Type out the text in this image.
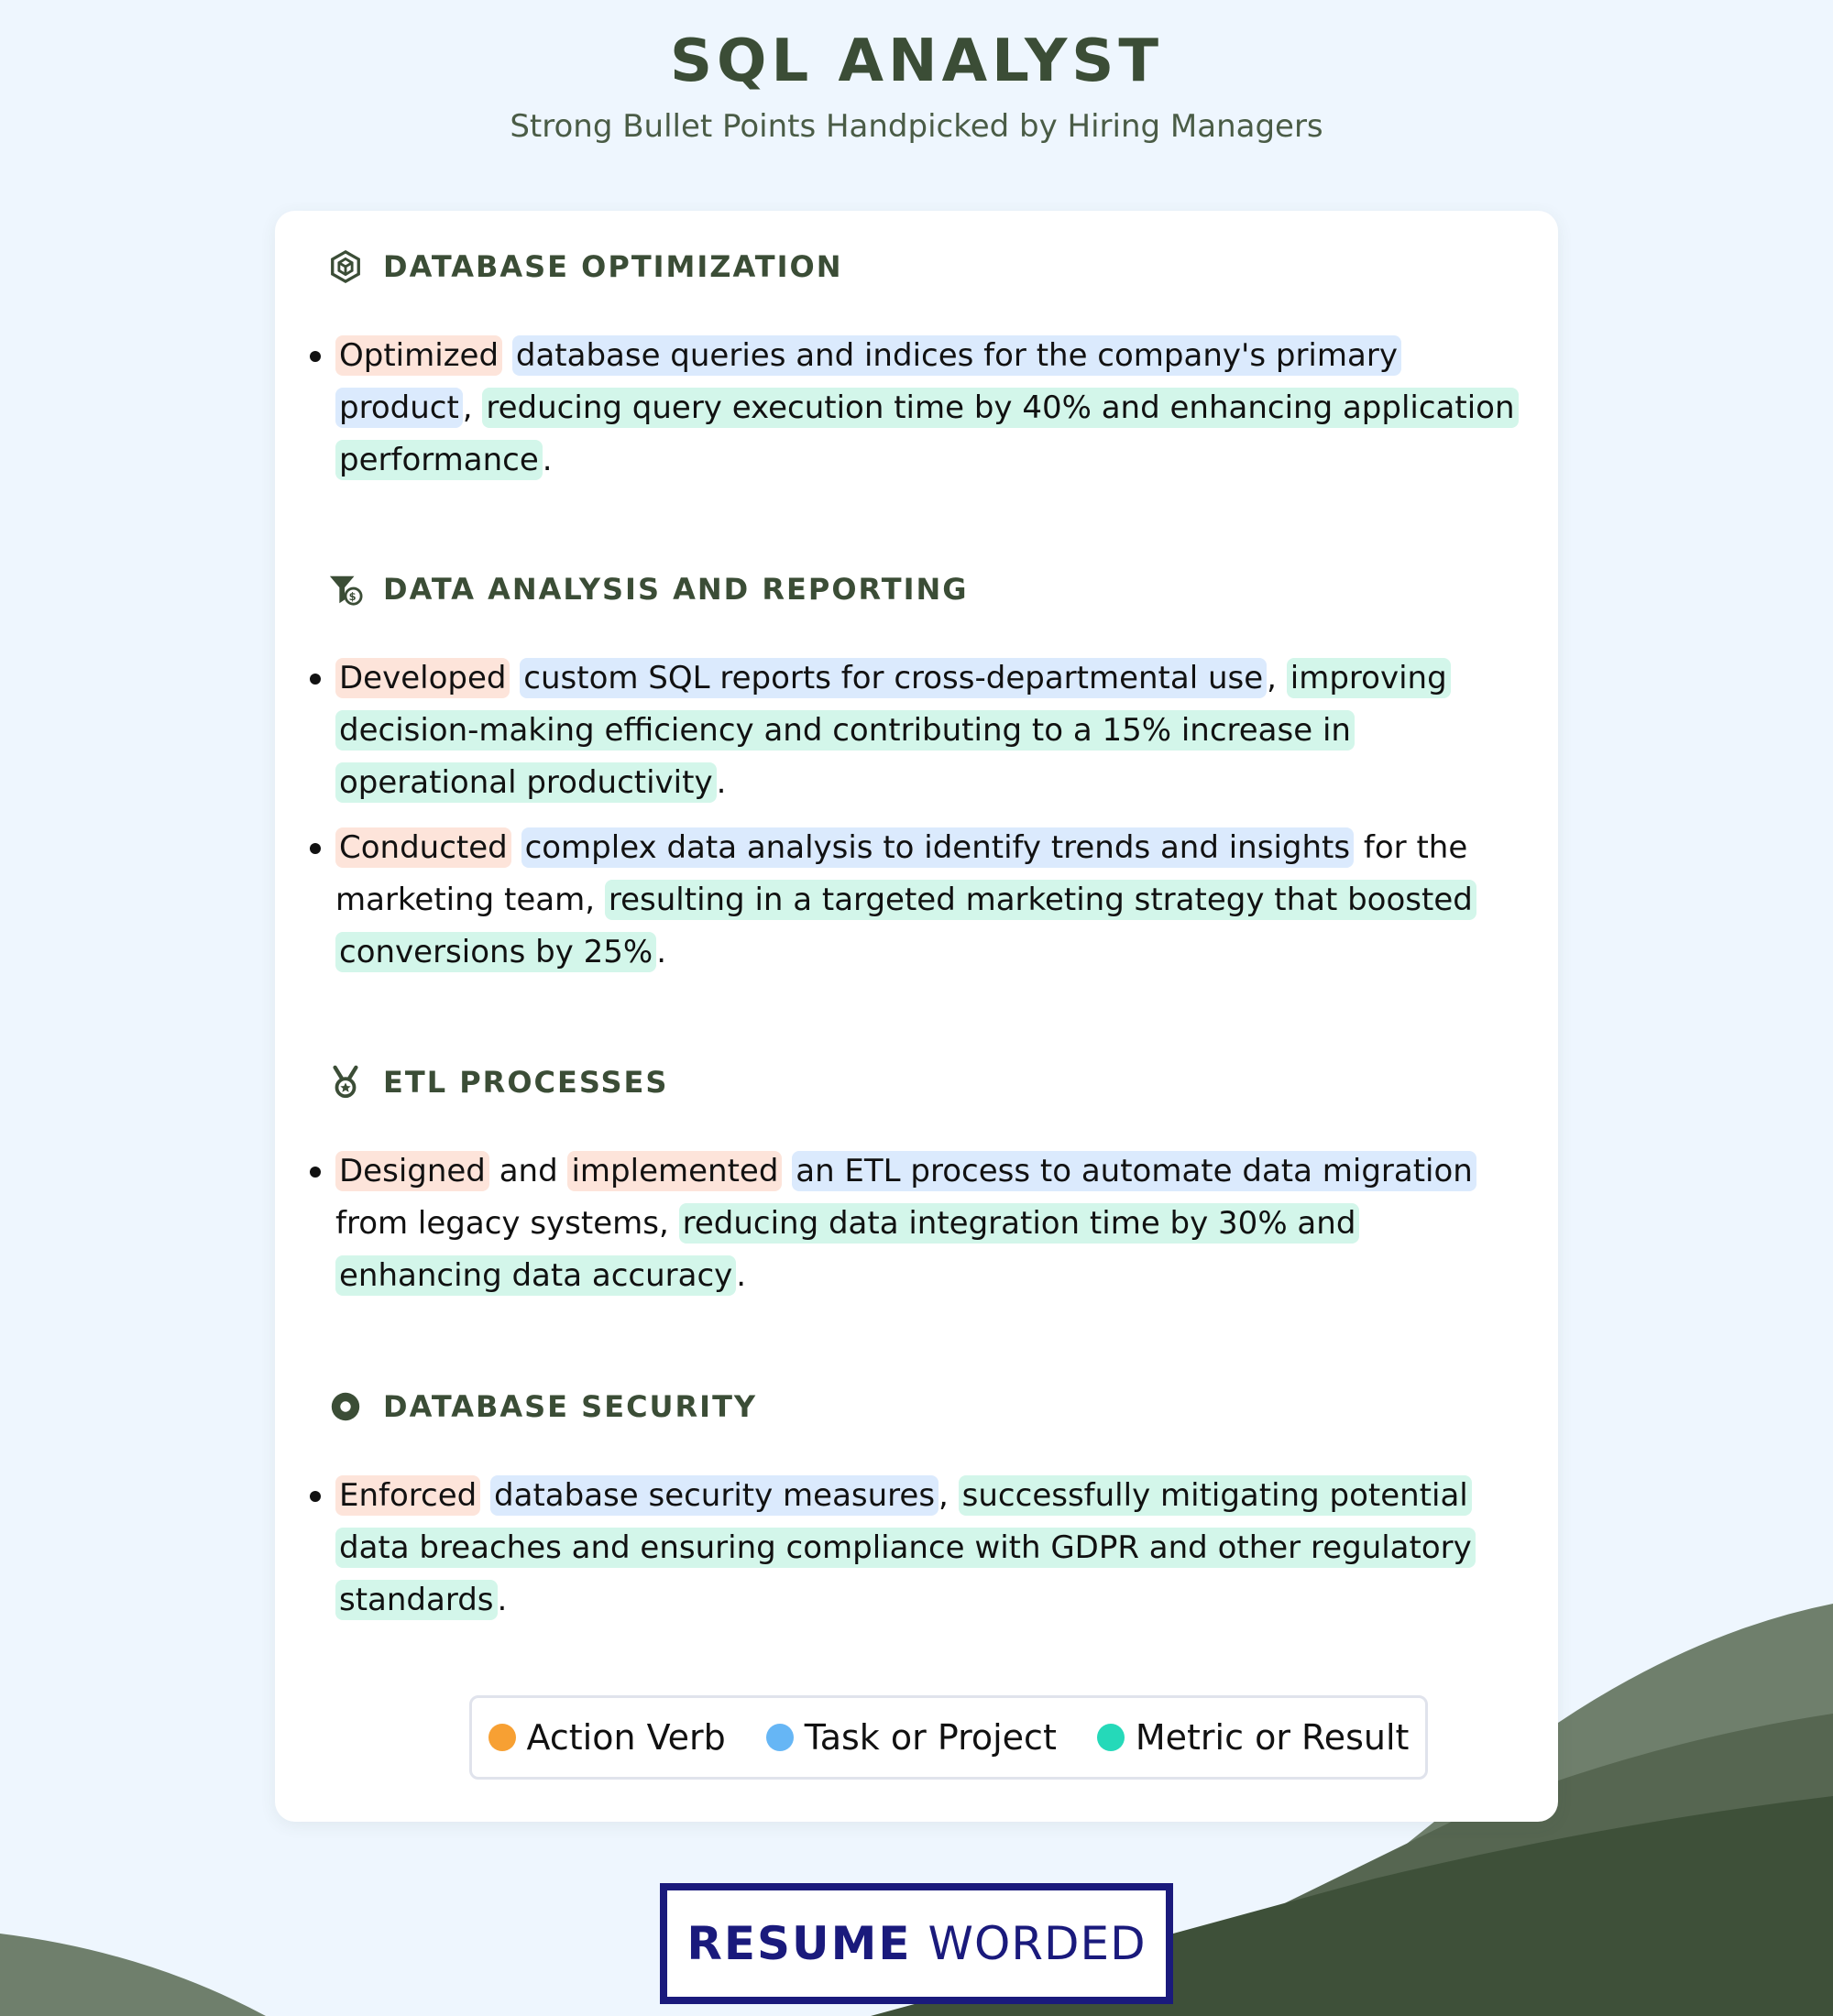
SQL ANALYST
Strong Bullet Points Handpicked by Hiring Managers
DATABASE OPTIMIZATION
Optimized database queries and indices for the company's primary product , reducing query execution time by 40% and enhancing application performance .
$ DATA ANALYSIS AND REPORTING
Developed custom SQL reports for cross-departmental use , improving decision-making efficiency and contributing to a 15% increase in operational productivity .
Conducted complex data analysis to identify trends and insights for the marketing team, resulting in a targeted marketing strategy that boosted conversions by 25% .
ETL PROCESSES
Designed and implemented an ETL process to automate data migration from legacy systems, reducing data integration time by 30% and enhancing data accuracy .
DATABASE SECURITY
Enforced database security measures , successfully mitigating potential data breaches and ensuring compliance with GDPR and other regulatory standards .
Action Verb Task or Project Metric or Result
RESUME WORDED
